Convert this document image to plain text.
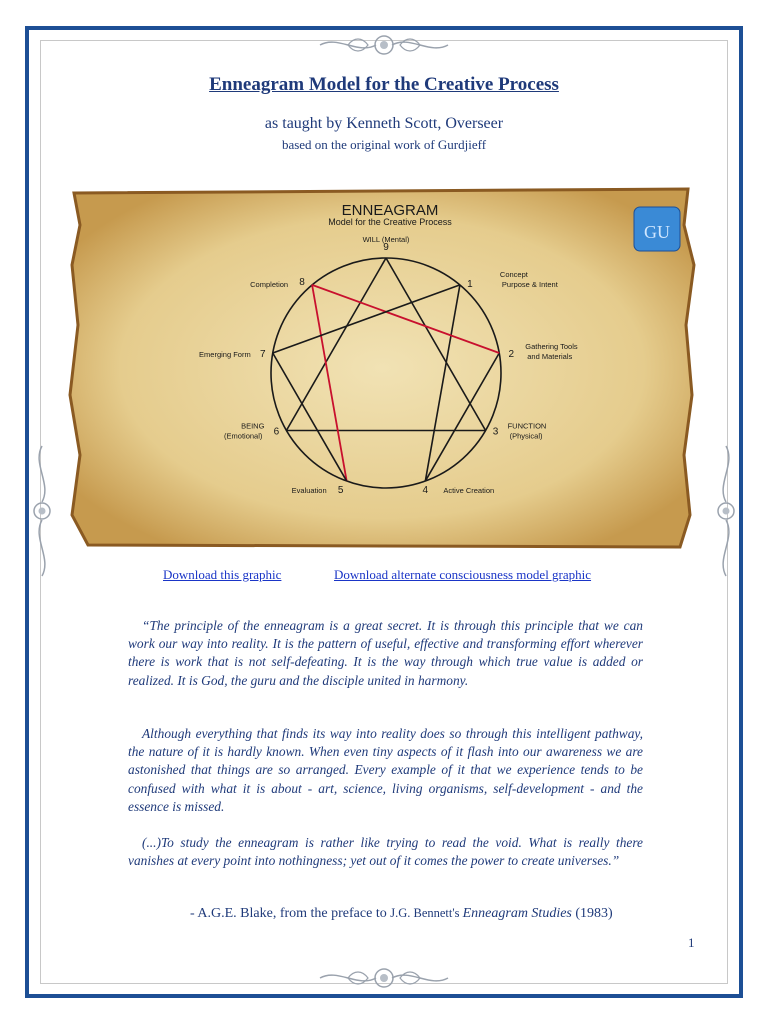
Enneagram Model for the Creative Process
as taught by Kenneth Scott, Overseer
based on the original work of Gurdjieff
ENNEAGRAM
Model for the Creative Process	GU
9
WILL (Mental)
1
Concept
Purpose & Intent
2
Gathering Tools
and Materials
3
FUNCTION
(Physical)
4 Active Creation
5
Evaluation
6
BEING
(Emotional)
7
Emerging Form
8
Completion
Download this graphic	Download alternate consciousness model graphic

“The principle of the enneagram is a great secret. It is through this principle that we can work our way into reality. It is the pattern of useful, effective and transforming effort wherever there is work that is not self-defeating. It is the way through which true value is added or realized. It is God, the guru and the disciple united in harmony.

Although everything that finds its way into reality does so through this intelligent pathway, the nature of it is hardly known. When even tiny aspects of it flash into our awareness we are astonished that things are so arranged. Every example of it that we experience tends to be confused with what it is about - art, science, living organisms, self-development - and the essence is missed.

(...)To study the enneagram is rather like trying to read the void. What is really there vanishes at every point into nothingness; yet out of it comes the power to create universes.”

- A.G.E. Blake, from the preface to J.G. Bennett's Enneagram Studies (1983)
1
